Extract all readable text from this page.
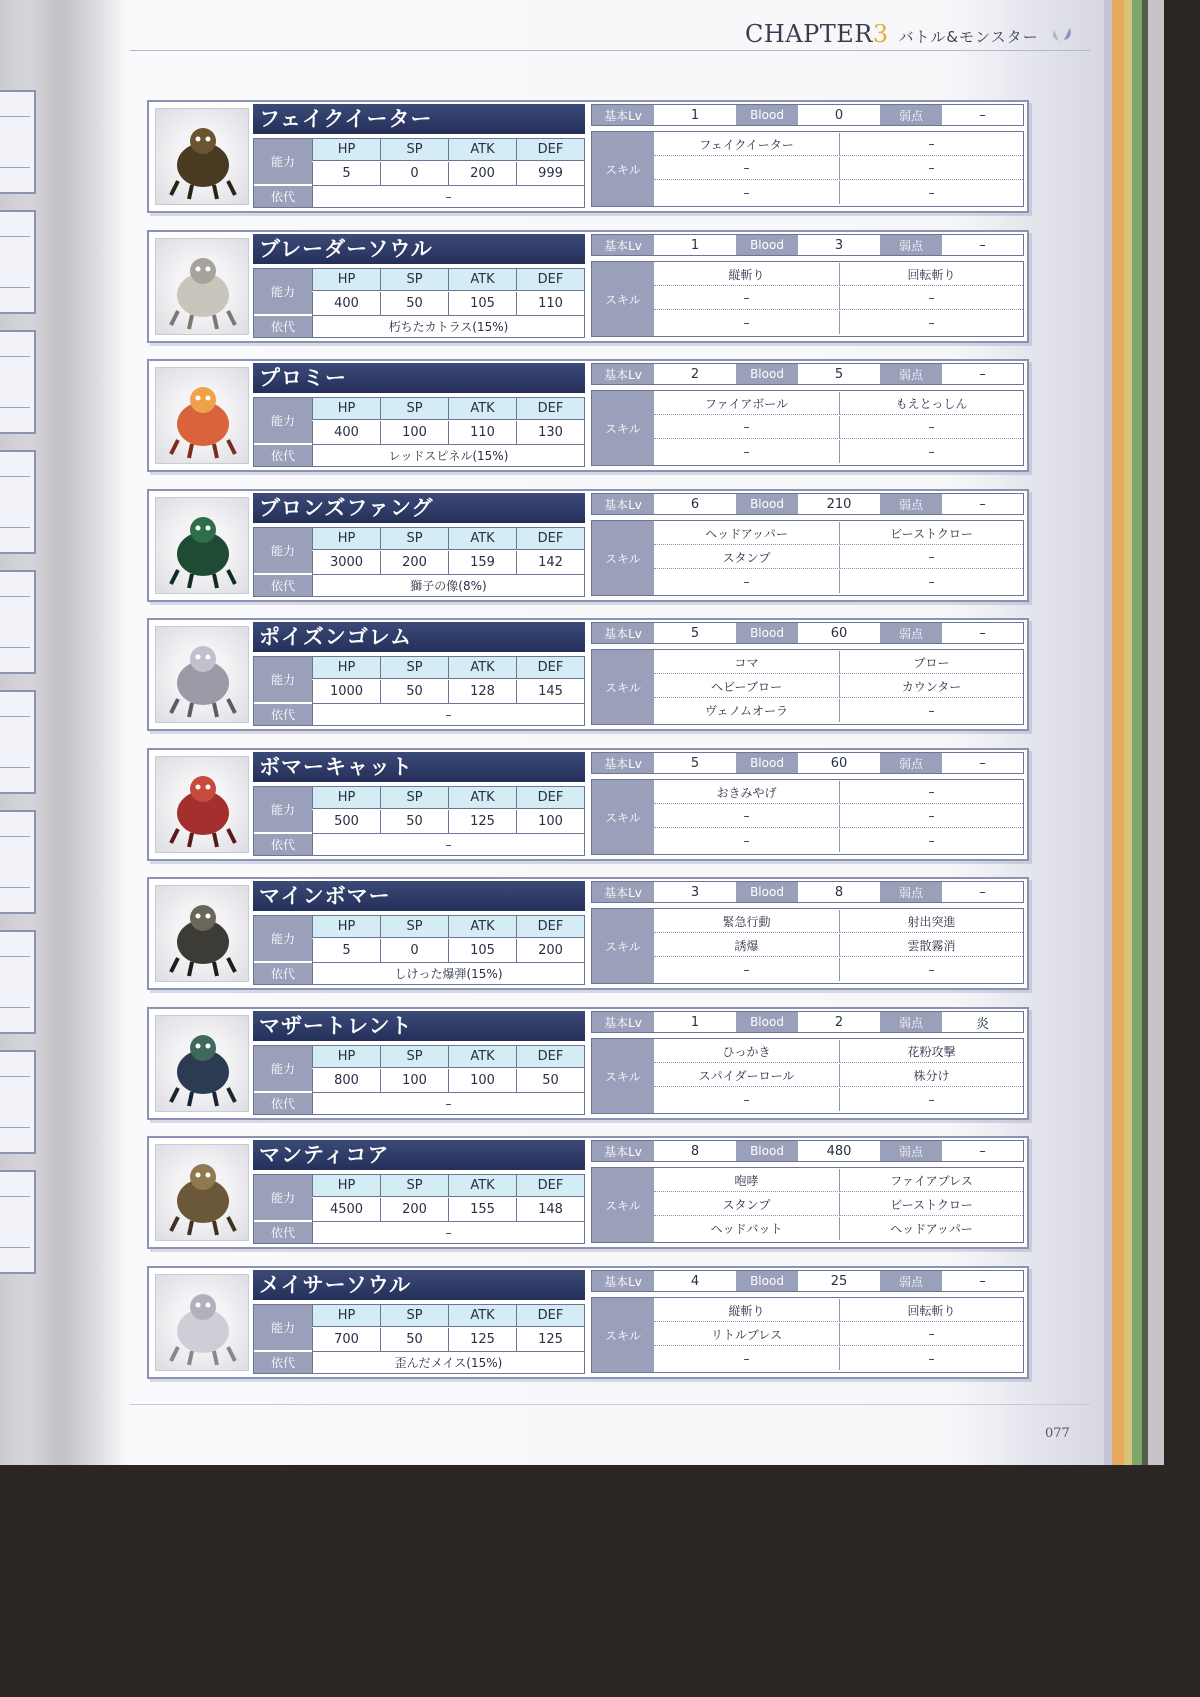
CHAPTER3 バトル&モンスター
フェイクイーター
能力
HP	SP	ATK	DEF
5	0	200	999
依代	–
基本Lv	1	Blood	0	弱点	–
スキル
フェイクイーター	–
–	–
–	–
ブレーダーソウル
能力
HP	SP	ATK	DEF
400	50	105	110
依代	朽ちたカトラス(15%)
基本Lv	1	Blood	3	弱点	–
スキル
縦斬り	回転斬り
–	–
–	–
プロミー
能力
HP	SP	ATK	DEF
400	100	110	130
依代	レッドスピネル(15%)
基本Lv	2	Blood	5	弱点	–
スキル
ファイアボール	もえとっしん
–	–
–	–
ブロンズファング
能力
HP	SP	ATK	DEF
3000	200	159	142
依代	獅子の像(8%)
基本Lv	6	Blood	210	弱点	–
スキル
ヘッドアッパー	ビーストクロー
スタンプ	–
–	–
ポイズンゴレム
能力
HP	SP	ATK	DEF
1000	50	128	145
依代	–
基本Lv	5	Blood	60	弱点	–
スキル
コマ	ブロー
ヘビーブロー	カウンター
ヴェノムオーラ	–
ボマーキャット
能力
HP	SP	ATK	DEF
500	50	125	100
依代	–
基本Lv	5	Blood	60	弱点	–
スキル
おきみやげ	–
–	–
–	–
マインボマー
能力
HP	SP	ATK	DEF
5	0	105	200
依代	しけった爆弾(15%)
基本Lv	3	Blood	8	弱点	–
スキル
緊急行動	射出突進
誘爆	雲散霧消
–	–
マザートレント
能力
HP	SP	ATK	DEF
800	100	100	50
依代	–
基本Lv	1	Blood	2	弱点	炎
スキル
ひっかき	花粉攻撃
スパイダーロール	株分け
–	–
マンティコア
能力
HP	SP	ATK	DEF
4500	200	155	148
依代	–
基本Lv	8	Blood	480	弱点	–
スキル
咆哮	ファイアブレス
スタンプ	ビーストクロー
ヘッドバット	ヘッドアッパー
メイサーソウル
能力
HP	SP	ATK	DEF
700	50	125	125
依代	歪んだメイス(15%)
基本Lv	4	Blood	25	弱点	–
スキル
縦斬り	回転斬り
リトルブレス	–
–	–
077
